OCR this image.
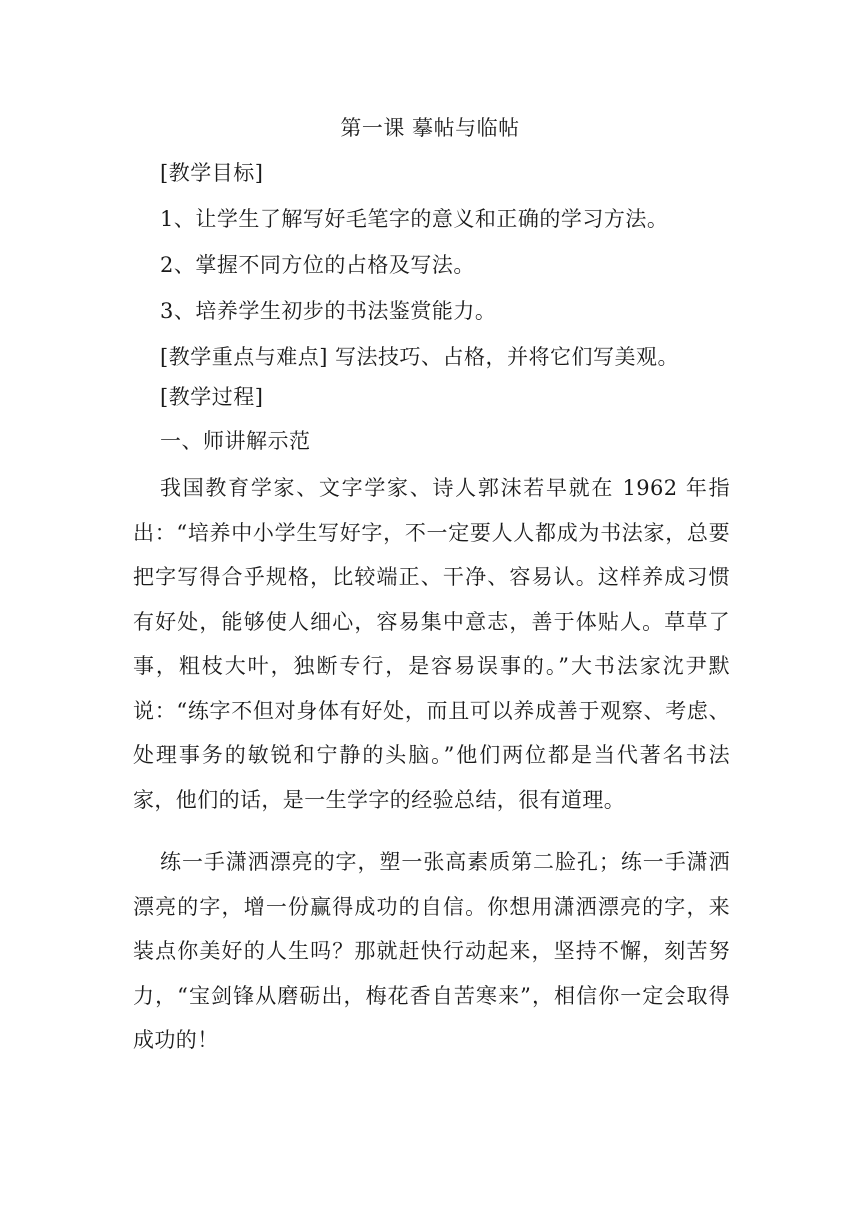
第一课 摹帖与临帖
[教学目标]
1、让学生了解写好毛笔字的意义和正确的学习方法。
2、掌握不同方位的占格及写法。
3、培养学生初步的书法鉴赏能力。
[教学重点与难点] 写法技巧、占格，并将它们写美观。
[教学过程]
一、师讲解示范
我国教育学家、文字学家、诗人郭沫若早就在 1962 年指出：“培养中小学生写好字，不一定要人人都成为书法家，总要把字写得合乎规格，比较端正、干净、容易认。这样养成习惯有好处，能够使人细心，容易集中意志，善于体贴人。草草了事，粗枝大叶，独断专行，是容易误事的。”大书法家沈尹默说：“练字不但对身体有好处，而且可以养成善于观察、考虑、处理事务的敏锐和宁静的头脑。”他们两位都是当代著名书法家，他们的话，是一生学字的经验总结，很有道理。
练一手潇洒漂亮的字，塑一张高素质第二脸孔；练一手潇洒漂亮的字，增一份赢得成功的自信。你想用潇洒漂亮的字，来装点你美好的人生吗？那就赶快行动起来，坚持不懈，刻苦努力，“宝剑锋从磨砺出，梅花香自苦寒来”，相信你一定会取得成功的！
